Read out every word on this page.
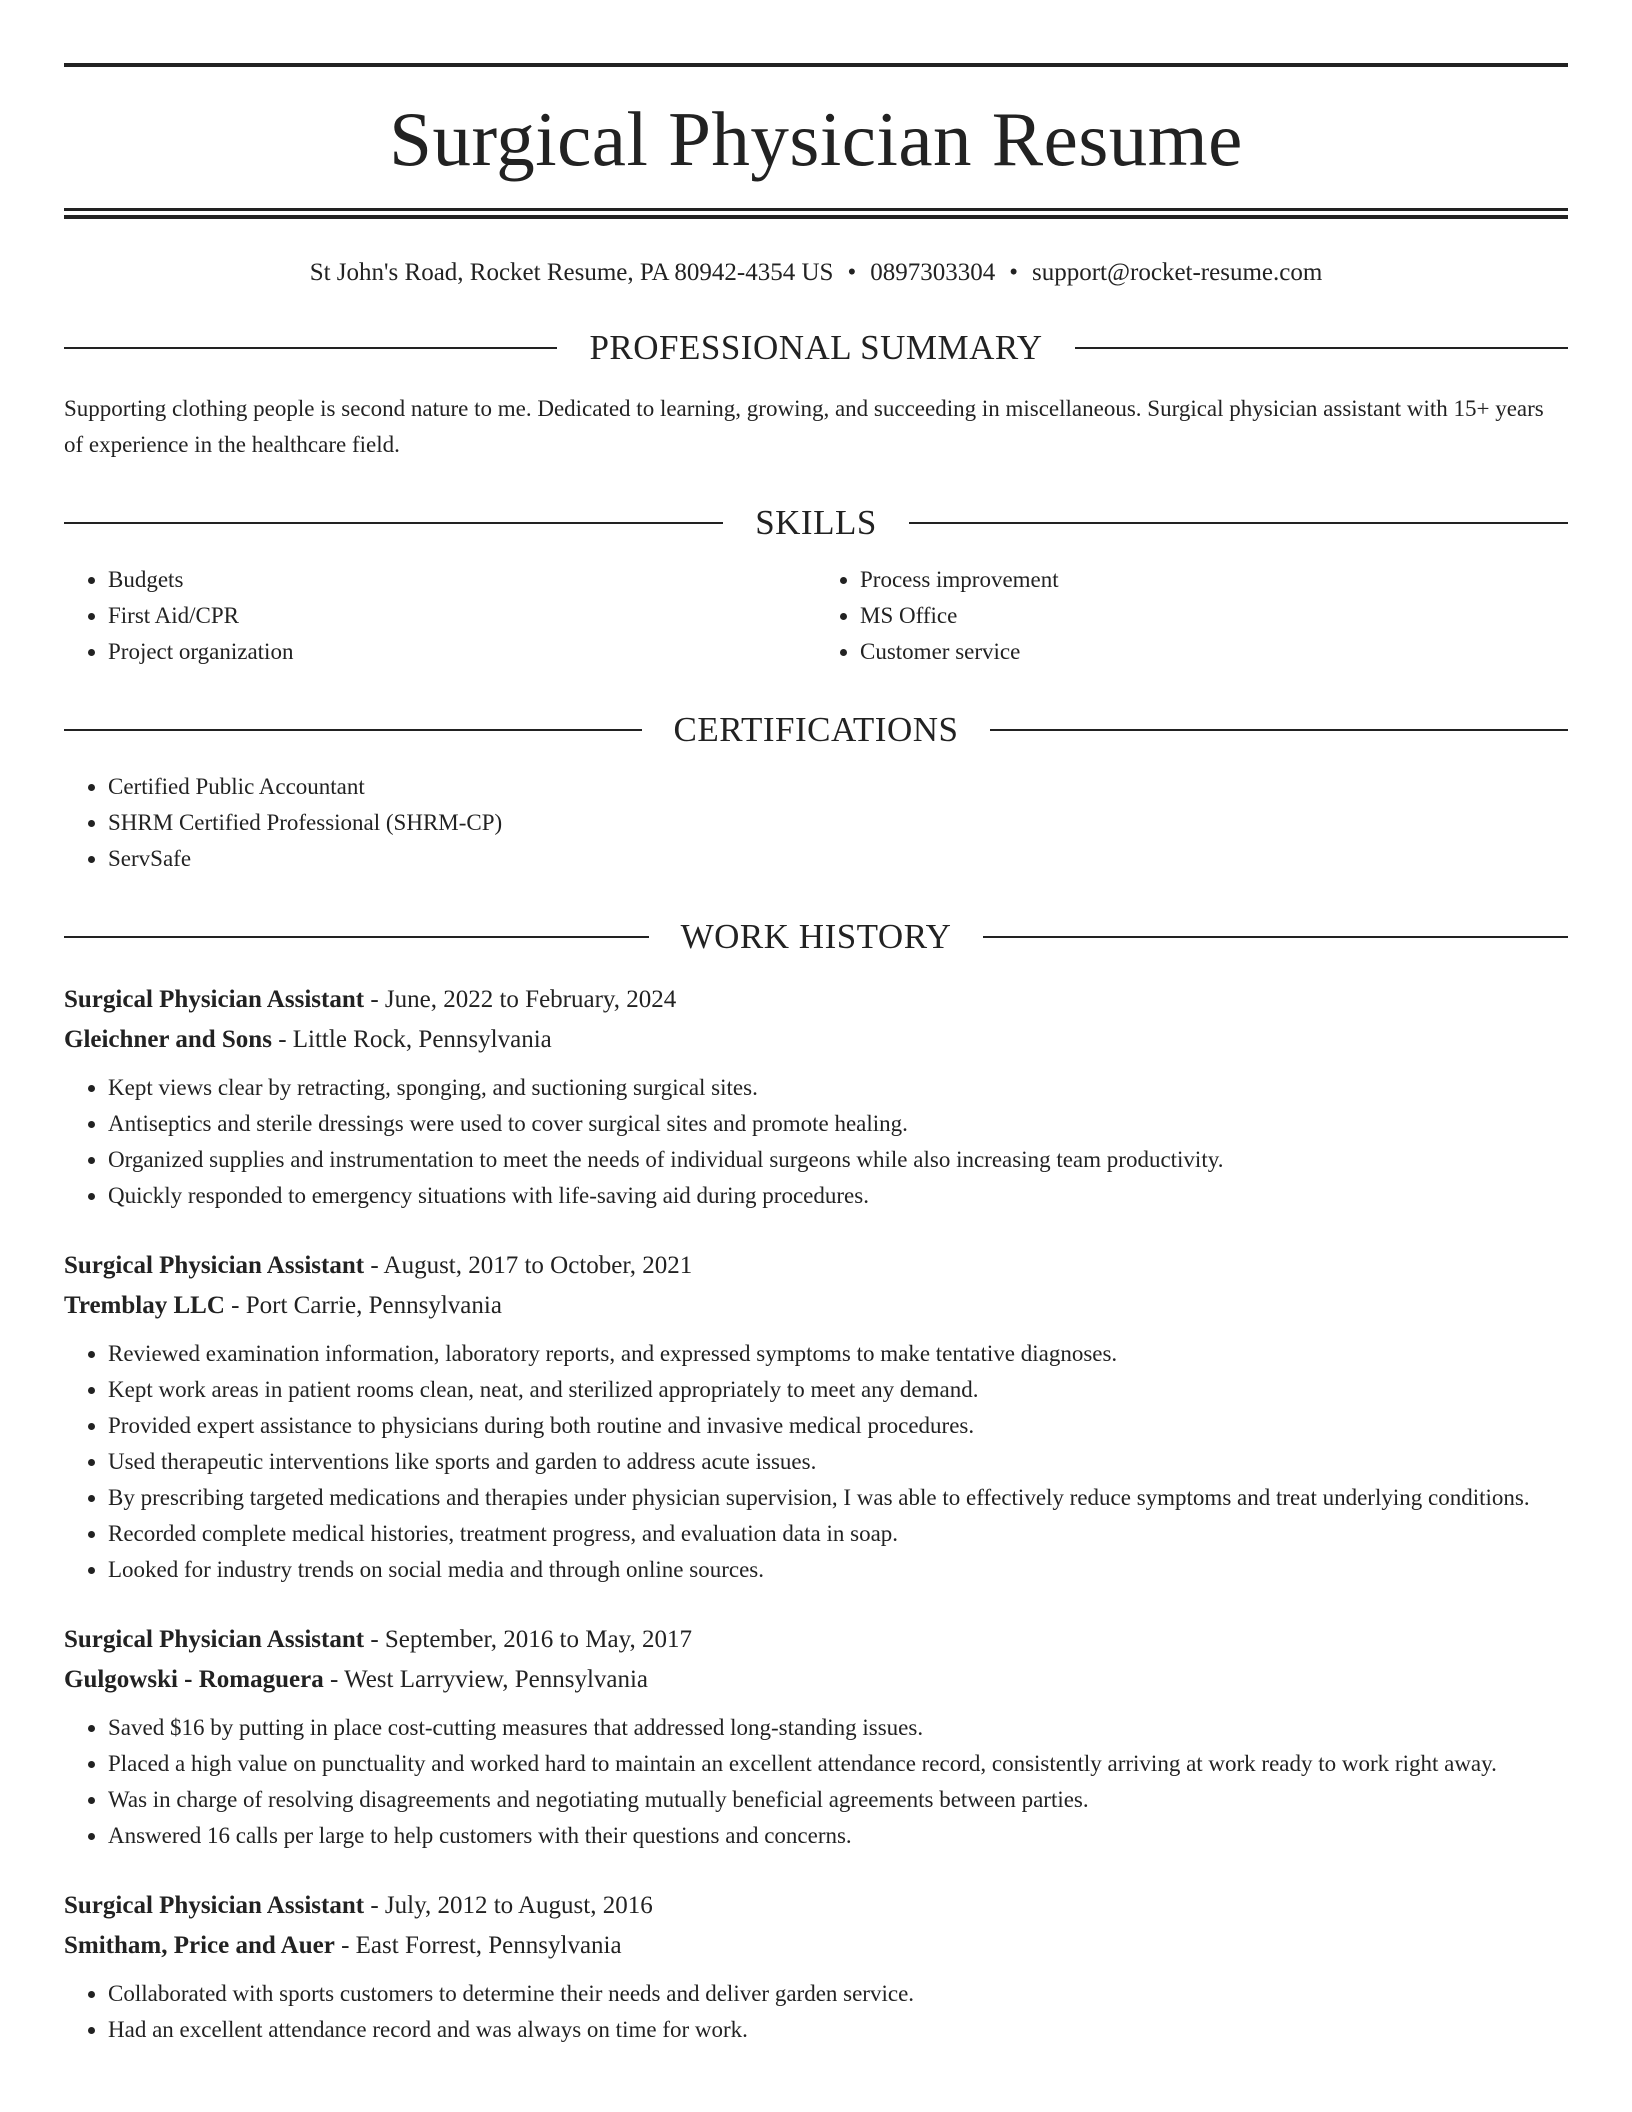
Surgical Physician Resume
St John's Road, Rocket Resume, PA 80942-4354 US • 0897303304 • support@rocket-resume.com
PROFESSIONAL SUMMARY
Supporting clothing people is second nature to me. Dedicated to learning, growing, and succeeding in miscellaneous. Surgical physician assistant with 15+ years of experience in the healthcare field.
SKILLS
• Budgets
• First Aid/CPR
• Project organization
• Process improvement
• MS Office
• Customer service
CERTIFICATIONS
• Certified Public Accountant
• SHRM Certified Professional (SHRM-CP)
• ServSafe
WORK HISTORY
Surgical Physician Assistant - June, 2022 to February, 2024
Gleichner and Sons - Little Rock, Pennsylvania
• Kept views clear by retracting, sponging, and suctioning surgical sites.
• Antiseptics and sterile dressings were used to cover surgical sites and promote healing.
• Organized supplies and instrumentation to meet the needs of individual surgeons while also increasing team productivity.
• Quickly responded to emergency situations with life-saving aid during procedures.
Surgical Physician Assistant - August, 2017 to October, 2021
Tremblay LLC - Port Carrie, Pennsylvania
• Reviewed examination information, laboratory reports, and expressed symptoms to make tentative diagnoses.
• Kept work areas in patient rooms clean, neat, and sterilized appropriately to meet any demand.
• Provided expert assistance to physicians during both routine and invasive medical procedures.
• Used therapeutic interventions like sports and garden to address acute issues.
• By prescribing targeted medications and therapies under physician supervision, I was able to effectively reduce symptoms and treat underlying conditions.
• Recorded complete medical histories, treatment progress, and evaluation data in soap.
• Looked for industry trends on social media and through online sources.
Surgical Physician Assistant - September, 2016 to May, 2017
Gulgowski - Romaguera - West Larryview, Pennsylvania
• Saved $16 by putting in place cost-cutting measures that addressed long-standing issues.
• Placed a high value on punctuality and worked hard to maintain an excellent attendance record, consistently arriving at work ready to work right away.
• Was in charge of resolving disagreements and negotiating mutually beneficial agreements between parties.
• Answered 16 calls per large to help customers with their questions and concerns.
Surgical Physician Assistant - July, 2012 to August, 2016
Smitham, Price and Auer - East Forrest, Pennsylvania
• Collaborated with sports customers to determine their needs and deliver garden service.
• Had an excellent attendance record and was always on time for work.
